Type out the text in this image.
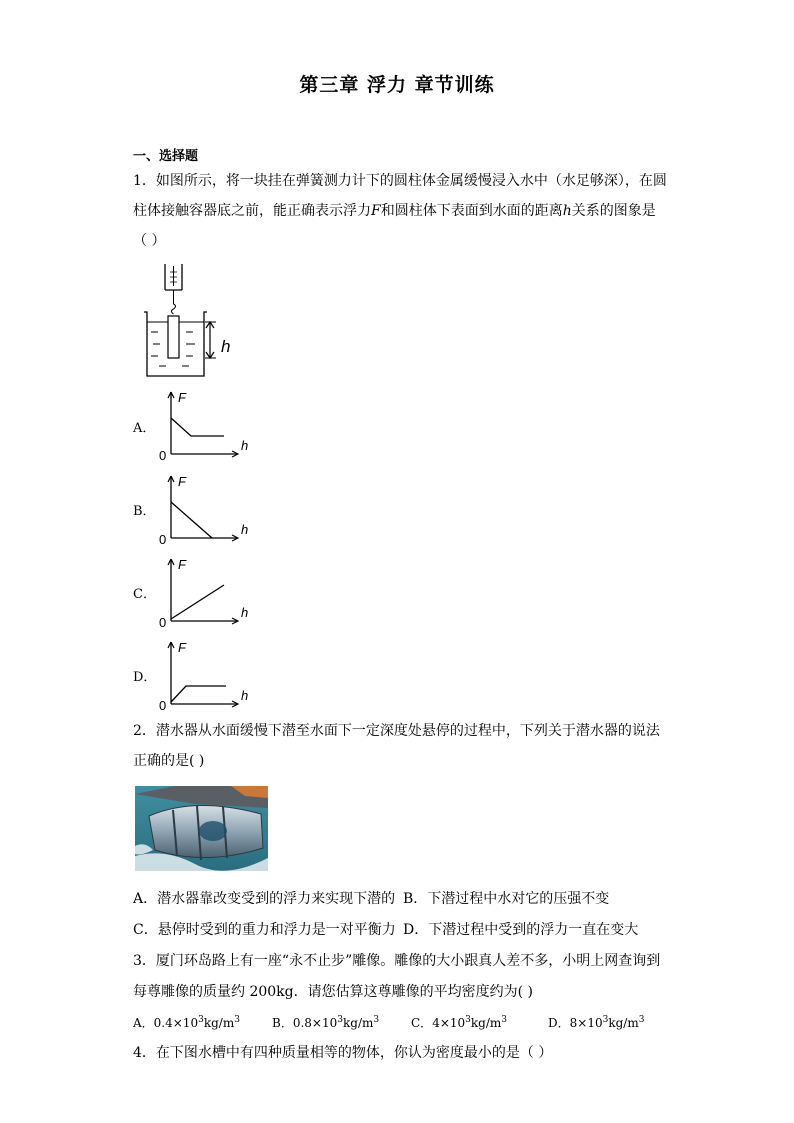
第三章 浮力 章节训练
一、选择题
1．如图所示，将一块挂在弹簧测力计下的圆柱体金属缓慢浸入水中（水足够深），在圆
柱体接触容器底之前，能正确表示浮力F和圆柱体下表面到水面的距离h关系的图象是
（ ）
h
A．
F
h
0
B．
F
h
0
C．
F
h
0
D．
F
h
0
2．潜水器从水面缓慢下潜至水面下一定深度处悬停的过程中，下列关于潜水器的说法
正确的是( )
A．潜水器靠改变受到的浮力来实现下潜的 B．下潜过程中水对它的压强不变
C．悬停时受到的重力和浮力是一对平衡力 D．下潜过程中受到的浮力一直在变大
3．厦门环岛路上有一座“永不止步”雕像。雕像的大小跟真人差不多，小明上网查询到
每尊雕像的质量约 200kg．请您估算这尊雕像的平均密度约为( )
A．$0.4\times 10^3kg/m^3$	B．$0.8\times 10^3kg/m^3$	C．$4\times 10^3kg/m^3$	D．$8\times 10^3kg/m^3$
4．在下图水槽中有四种质量相等的物体，你认为密度最小的是（ ）
